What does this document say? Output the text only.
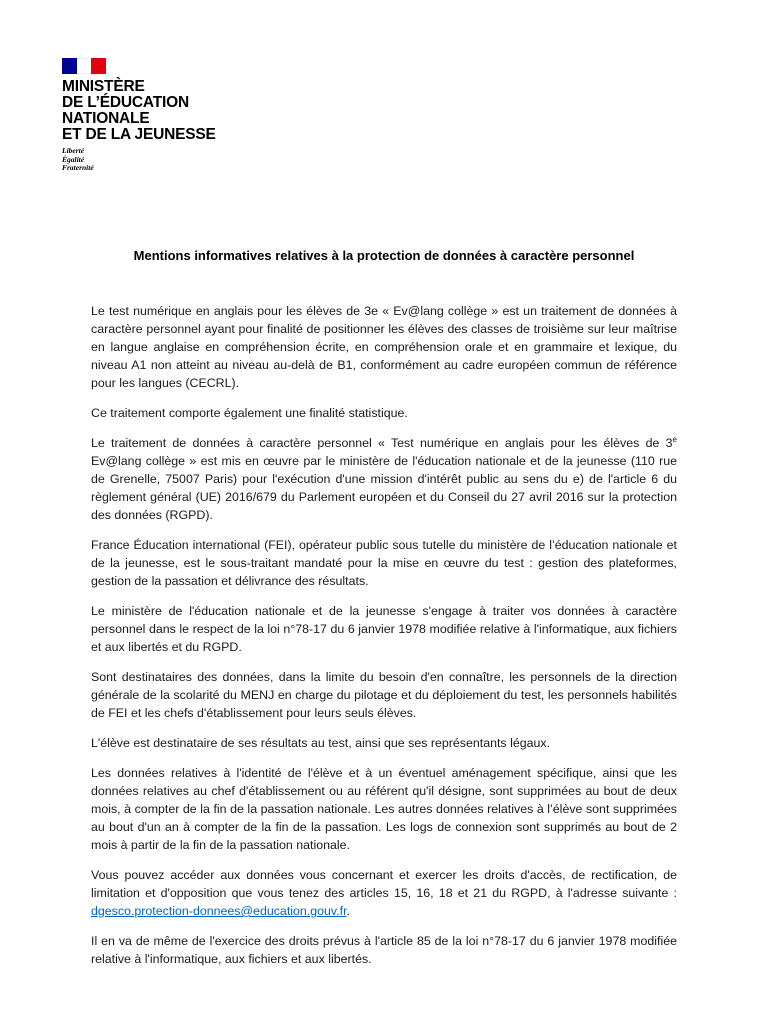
MINISTÈRE
DE L’ÉDUCATION
NATIONALE
ET DE LA JEUNESSE
Liberté
Égalité
Fraternité
Mentions informatives relatives à la protection de données à caractère personnel

Le test numérique en anglais pour les élèves de 3e « Ev@lang collège » est un traitement de données à caractère personnel ayant pour finalité de positionner les élèves des classes de troisième sur leur maîtrise en langue anglaise en compréhension écrite, en compréhension orale et en grammaire et lexique, du niveau A1 non atteint au niveau au-delà de B1, conformément au cadre européen commun de référence pour les langues (CECRL).

Ce traitement comporte également une finalité statistique.

Le traitement de données à caractère personnel « Test numérique en anglais pour les élèves de 3e Ev@lang collège » est mis en œuvre par le ministère de l'éducation nationale et de la jeunesse (110 rue de Grenelle, 75007 Paris) pour l'exécution d'une mission d'intérêt public au sens du e) de l'article 6 du règlement général (UE) 2016/679 du Parlement européen et du Conseil du 27 avril 2016 sur la protection des données (RGPD).

France Éducation international (FEI), opérateur public sous tutelle du ministère de l’éducation nationale et de la jeunesse, est le sous-traitant mandaté pour la mise en œuvre du test : gestion des plateformes, gestion de la passation et délivrance des résultats.

Le ministère de l'éducation nationale et de la jeunesse s'engage à traiter vos données à caractère personnel dans le respect de la loi n°78-17 du 6 janvier 1978 modifiée relative à l'informatique, aux fichiers et aux libertés et du RGPD.

Sont destinataires des données, dans la limite du besoin d'en connaître, les personnels de la direction générale de la scolarité du MENJ en charge du pilotage et du déploiement du test, les personnels habilités de FEI et les chefs d'établissement pour leurs seuls élèves.

L'élève est destinataire de ses résultats au test, ainsi que ses représentants légaux.

Les données relatives à l'identité de l'élève et à un éventuel aménagement spécifique, ainsi que les données relatives au chef d'établissement ou au référent qu'il désigne, sont supprimées au bout de deux mois, à compter de la fin de la passation nationale. Les autres données relatives à l’élève sont supprimées au bout d'un an à compter de la fin de la passation. Les logs de connexion sont supprimés au bout de 2 mois à partir de la fin de la passation nationale.

Vous pouvez accéder aux données vous concernant et exercer les droits d'accès, de rectification, de limitation et d'opposition que vous tenez des articles 15, 16, 18 et 21 du RGPD, à l'adresse suivante : dgesco.protection-donnees@education.gouv.fr.

Il en va de même de l'exercice des droits prévus à l'article 85 de la loi n°78-17 du 6 janvier 1978 modifiée relative à l'informatique, aux fichiers et aux libertés.
